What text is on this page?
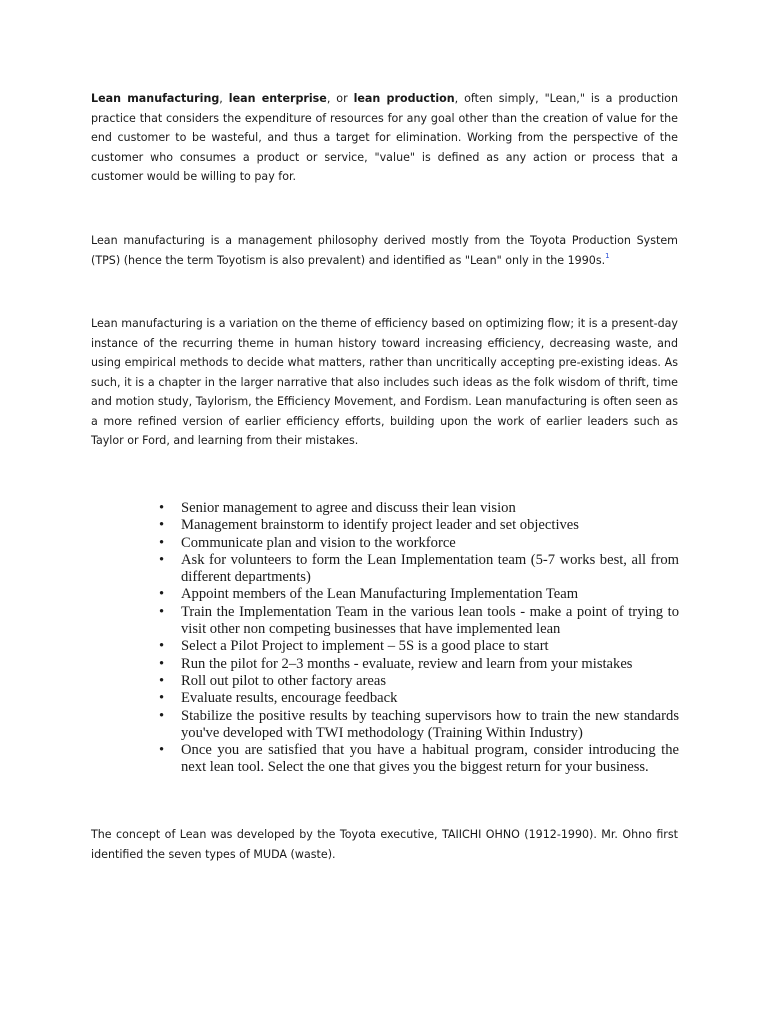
Lean manufacturing, lean enterprise, or lean production, often simply, "Lean," is a production practice that considers the expenditure of resources for any goal other than the creation of value for the end customer to be wasteful, and thus a target for elimination. Working from the perspective of the customer who consumes a product or service, "value" is defined as any action or process that a customer would be willing to pay for.

Lean manufacturing is a management philosophy derived mostly from the Toyota Production System (TPS) (hence the term Toyotism is also prevalent) and identified as "Lean" only in the 1990s.$^1$

Lean manufacturing is a variation on the theme of efficiency based on optimizing flow; it is a present-day instance of the recurring theme in human history toward increasing efficiency, decreasing waste, and using empirical methods to decide what matters, rather than uncritically accepting pre-existing ideas. As such, it is a chapter in the larger narrative that also includes such ideas as the folk wisdom of thrift, time and motion study, Taylorism, the Efficiency Movement, and Fordism. Lean manufacturing is often seen as a more refined version of earlier efficiency efforts, building upon the work of earlier leaders such as Taylor or Ford, and learning from their mistakes.

• Senior management to agree and discuss their lean vision
• Management brainstorm to identify project leader and set objectives
• Communicate plan and vision to the workforce
• Ask for volunteers to form the Lean Implementation team (5-7 works best, all from different departments)
• Appoint members of the Lean Manufacturing Implementation Team
• Train the Implementation Team in the various lean tools - make a point of trying to visit other non competing businesses that have implemented lean
• Select a Pilot Project to implement – 5S is a good place to start
• Run the pilot for 2–3 months - evaluate, review and learn from your mistakes
• Roll out pilot to other factory areas
• Evaluate results, encourage feedback
• Stabilize the positive results by teaching supervisors how to train the new standards you've developed with TWI methodology (Training Within Industry)
• Once you are satisfied that you have a habitual program, consider introducing the next lean tool. Select the one that gives you the biggest return for your business.

The concept of Lean was developed by the Toyota executive, TAIICHI OHNO (1912-1990). Mr. Ohno first identified the seven types of MUDA (waste).
